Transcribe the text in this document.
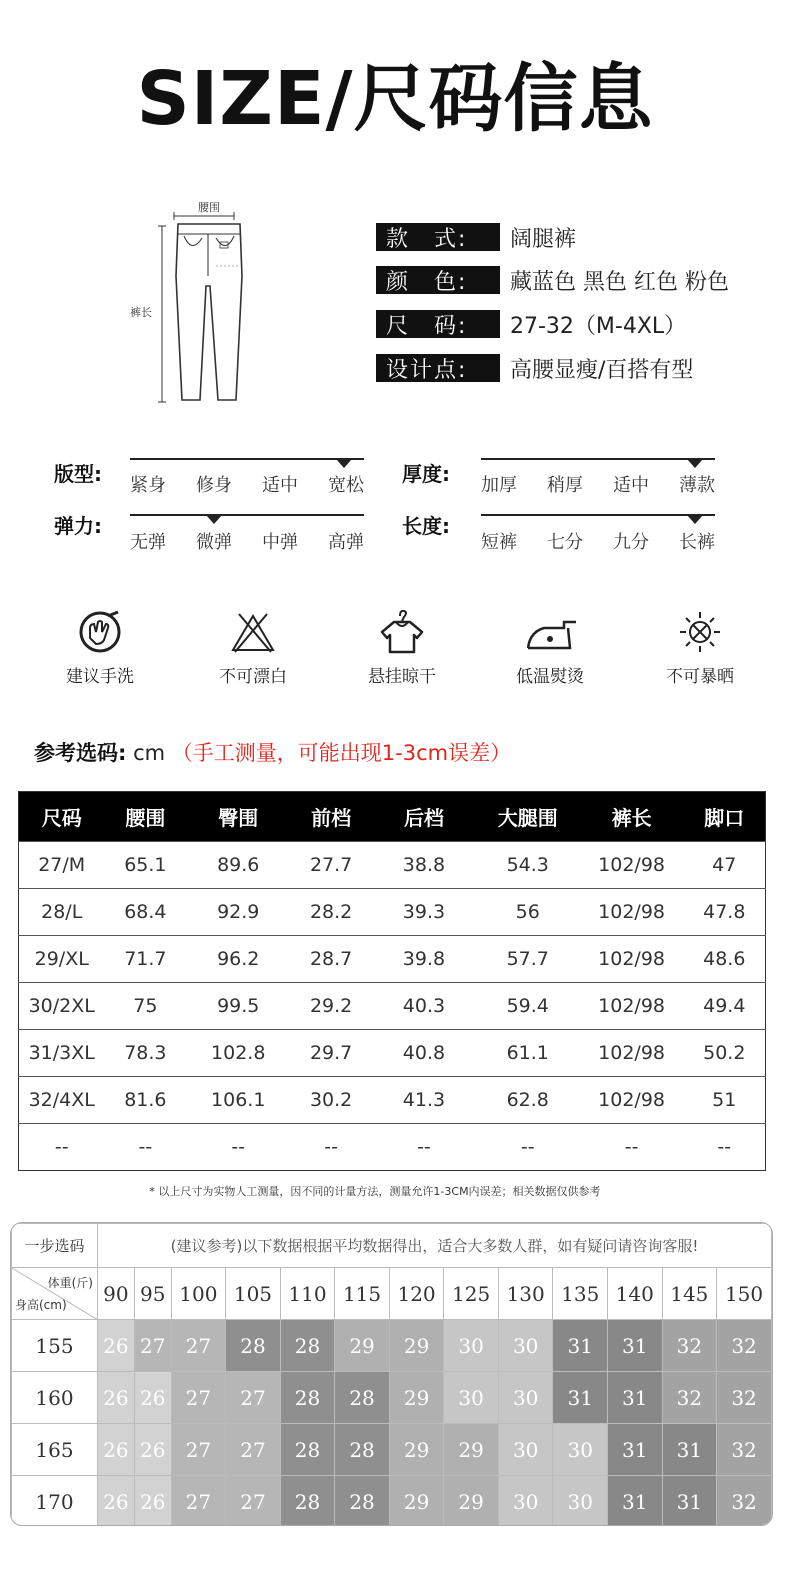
SIZE/尺码信息
腰围
裤长
款　式:	阔腿裤
颜　色:	藏蓝色 黑色 红色 粉色
尺　码:	27-32（M-4XL）
设计点:	高腰显瘦/百搭有型
版型: 紧身 修身 适中 宽松 厚度: 加厚 稍厚 适中 薄款
弹力:
无弹 微弹 中弹 高弹
长度:
短裤 七分 九分 长裤
建议手洗	不可漂白	悬挂晾干	低温熨烫	不可暴晒
参考选码: cm （手工测量，可能出现1-3cm误差）
尺码	腰围	臀围	前档	后档	大腿围	裤长	脚口
27/M	65.1	89.6	27.7	38.8	54.3	102/98	47
28/L	68.4	92.9	28.2	39.3	56	102/98	47.8
29/XL	71.7	96.2	28.7	39.8	57.7	102/98	48.6
30/2XL	75	99.5	29.2	40.3	59.4	102/98	49.4
31/3XL	78.3	102.8	29.7	40.8	61.1	102/98	50.2
32/4XL	81.6	106.1	30.2	41.3	62.8	102/98	51
--	--	--	--	--	--	--	--
* 以上尺寸为实物人工测量，因不同的计量方法，测量允许1-3CM内误差；相关数据仅供参考
一步选码	(建议参考)以下数据根据平均数据得出，适合大多数人群，如有疑问请咨询客服!												

体重(斤)
身高(cm)	90	95	100	105	110	115	120	125	130	135	140	145	150
155	26	27	27	28	28	29	29	30	30	31	31	32	32
160	26	26	27	27	28	28	29	30	30	31	31	32	32
165	26	26	27	27	28	28	29	29	30	30	31	31	32
170	26	26	27	27	28	28	29	29	30	30	31	31	32
